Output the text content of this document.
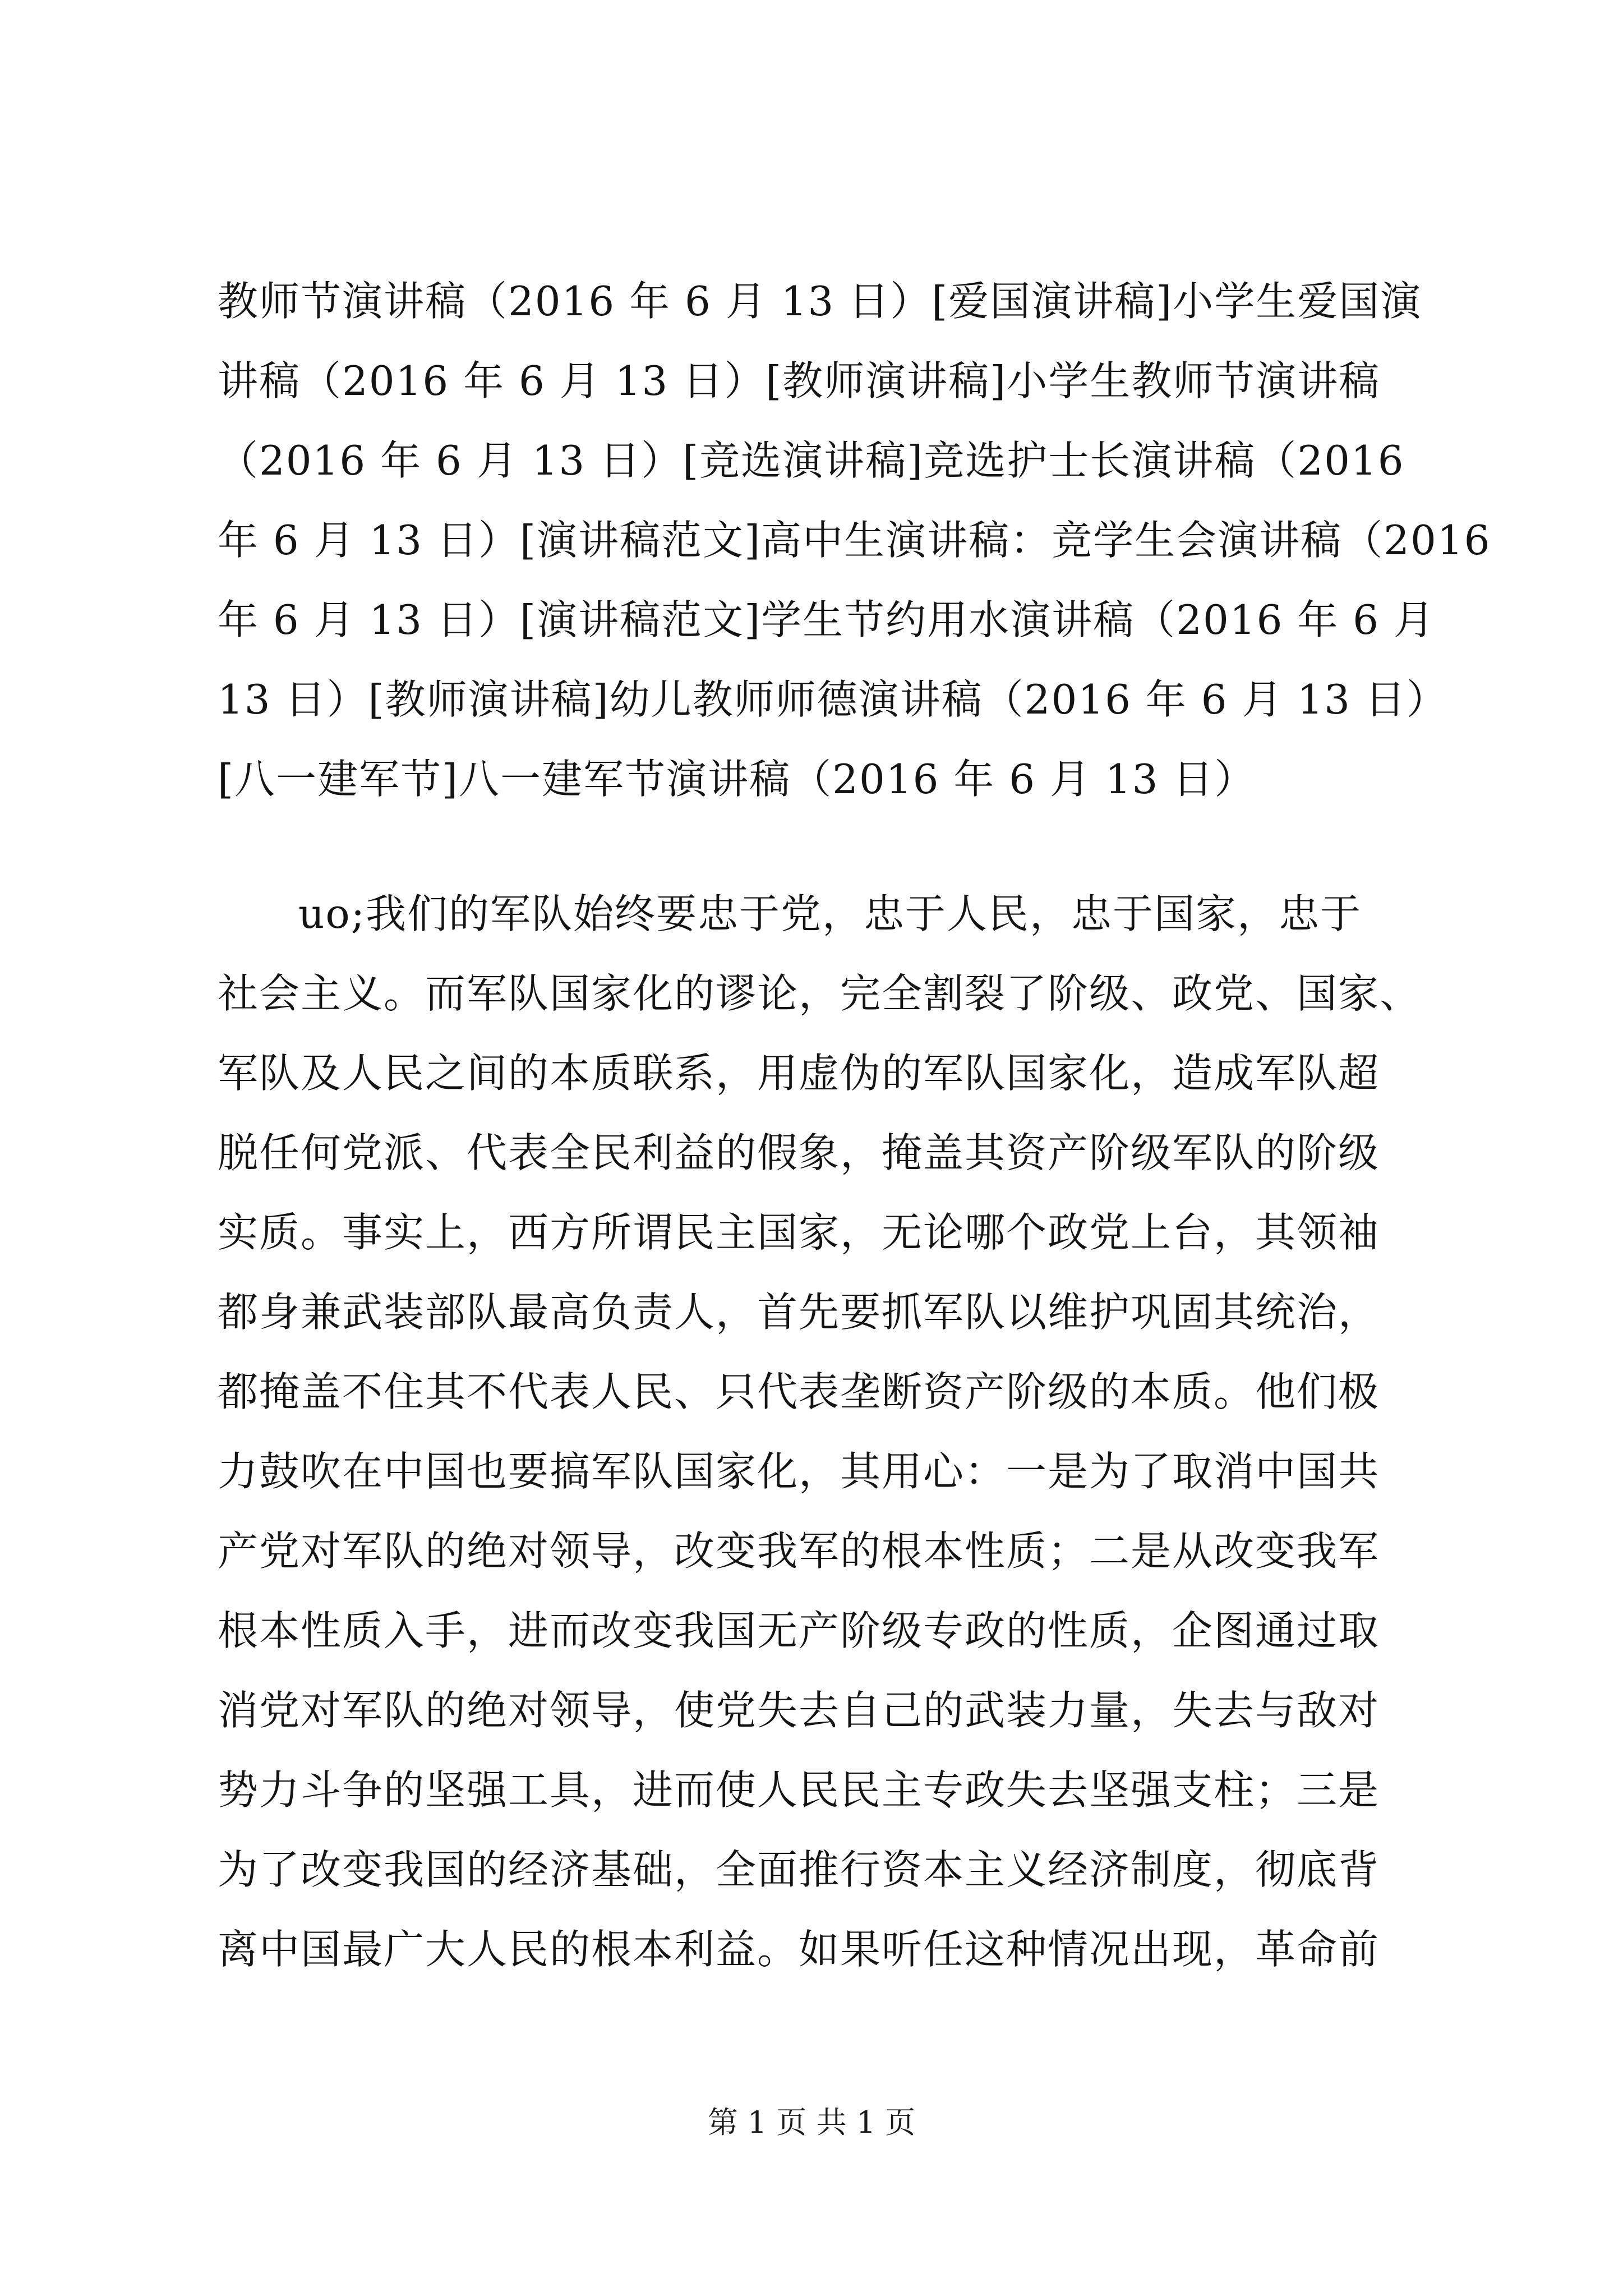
教师节演讲稿（2016 年 6 月 13 日）[爱国演讲稿]小学生爱国演
讲稿（2016 年 6 月 13 日）[教师演讲稿]小学生教师节演讲稿
（2016 年 6 月 13 日）[竞选演讲稿]竞选护士长演讲稿（2016
年 6 月 13 日）[演讲稿范文]高中生演讲稿：竞学生会演讲稿（2016
年 6 月 13 日）[演讲稿范文]学生节约用水演讲稿（2016 年 6 月
13 日）[教师演讲稿]幼儿教师师德演讲稿（2016 年 6 月 13 日）
[八一建军节]八一建军节演讲稿（2016 年 6 月 13 日）
uo;我们的军队始终要忠于党，忠于人民，忠于国家，忠于
社会主义。而军队国家化的谬论，完全割裂了阶级、政党、国家、
军队及人民之间的本质联系，用虚伪的军队国家化，造成军队超
脱任何党派、代表全民利益的假象，掩盖其资产阶级军队的阶级
实质。事实上，西方所谓民主国家，无论哪个政党上台，其领袖
都身兼武装部队最高负责人，首先要抓军队以维护巩固其统治，
都掩盖不住其不代表人民、只代表垄断资产阶级的本质。他们极
力鼓吹在中国也要搞军队国家化，其用心：一是为了取消中国共
产党对军队的绝对领导，改变我军的根本性质；二是从改变我军
根本性质入手，进而改变我国无产阶级专政的性质，企图通过取
消党对军队的绝对领导，使党失去自己的武装力量，失去与敌对
势力斗争的坚强工具，进而使人民民主专政失去坚强支柱；三是
为了改变我国的经济基础，全面推行资本主义经济制度，彻底背
离中国最广大人民的根本利益。如果听任这种情况出现，革命前
第 1 页 共 1 页
